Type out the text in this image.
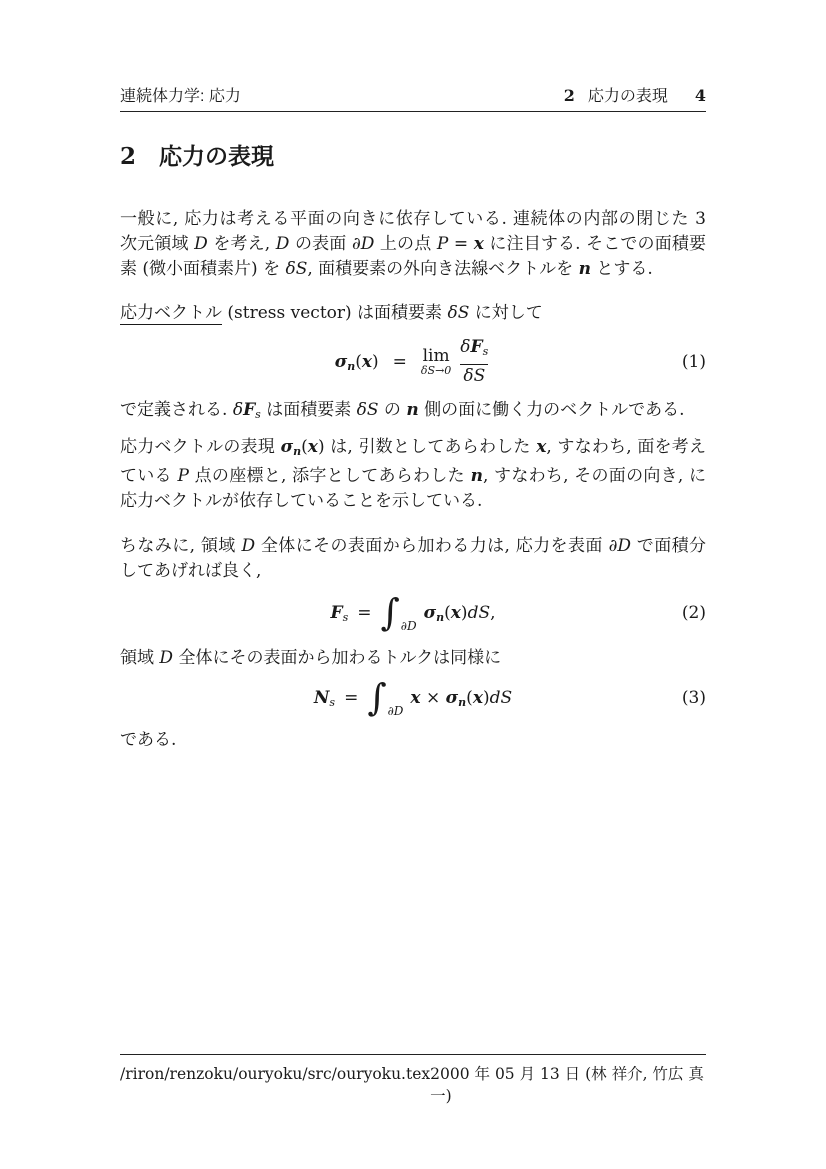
連続体力学: 応力	2 応力の表現 4
2 応力の表現

一般に, 応力は考える平面の向きに依存している. 連続体の内部の閉じた 3 次元領域 D を考え, D の表面 ∂D 上の点 P = x に注目する. そこでの面積要素 (微小面積素片) を δS, 面積要素の外向き法線ベクトルを n とする.

応力ベクトル (stress vector) は面積要素 δS に対して

σn(x) = lim
$\delta S\to 0 \frac{\text{δFs}}{\delta S}$	(1)

で定義される. δFs は面積要素 δS の n 側の面に働く力のベクトルである.

応力ベクトルの表現 σn(x) は, 引数としてあらわした x, すなわち, 面を考えている P 点の座標と, 添字としてあらわした n, すなわち, その面の向き, に応力ベクトルが依存していることを示している.

ちなみに, 領域 D 全体にその表面から加わる力は, 応力を表面 ∂D で面積分してあげれば良く,

Fs = ∫ ∂D
σn(x)dS,	(2)

領域 D 全体にその表面から加わるトルクは同様に

Ns = ∫ ∂D
x × σn(x)dS	(3)

である.

/riron/renzoku/ouryoku/src/ouryoku.tex 2000 年 05 月 13 日 (林 祥介, 竹広 真一)
